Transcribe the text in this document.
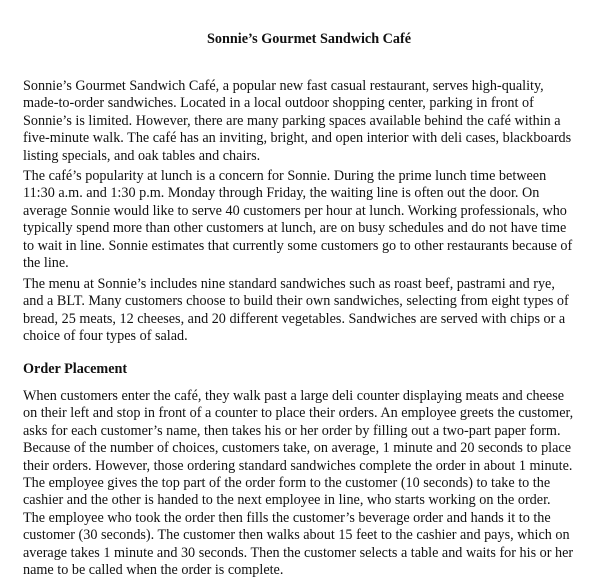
Sonnie’s Gourmet Sandwich Café

Sonnie’s Gourmet Sandwich Café, a popular new fast casual restaurant, serves high-quality,
made-to-order sandwiches. Located in a local outdoor shopping center, parking in front of
Sonnie’s is limited. However, there are many parking spaces available behind the café within a
five-minute walk. The café has an inviting, bright, and open interior with deli cases, blackboards
listing specials, and oak tables and chairs.

The café’s popularity at lunch is a concern for Sonnie. During the prime lunch time between
11:30 a.m. and 1:30 p.m. Monday through Friday, the waiting line is often out the door. On
average Sonnie would like to serve 40 customers per hour at lunch. Working professionals, who
typically spend more than other customers at lunch, are on busy schedules and do not have time
to wait in line. Sonnie estimates that currently some customers go to other restaurants because of
the line.

The menu at Sonnie’s includes nine standard sandwiches such as roast beef, pastrami and rye,
and a BLT. Many customers choose to build their own sandwiches, selecting from eight types of
bread, 25 meats, 12 cheeses, and 20 different vegetables. Sandwiches are served with chips or a
choice of four types of salad.

Order Placement

When customers enter the café, they walk past a large deli counter displaying meats and cheese
on their left and stop in front of a counter to place their orders. An employee greets the customer,
asks for each customer’s name, then takes his or her order by filling out a two-part paper form.
Because of the number of choices, customers take, on average, 1 minute and 20 seconds to place
their orders. However, those ordering standard sandwiches complete the order in about 1 minute.
The employee gives the top part of the order form to the customer (10 seconds) to take to the
cashier and the other is handed to the next employee in line, who starts working on the order.
The employee who took the order then fills the customer’s beverage order and hands it to the
customer (30 seconds). The customer then walks about 15 feet to the cashier and pays, which on
average takes 1 minute and 30 seconds. Then the customer selects a table and waits for his or her
name to be called when the order is complete.
